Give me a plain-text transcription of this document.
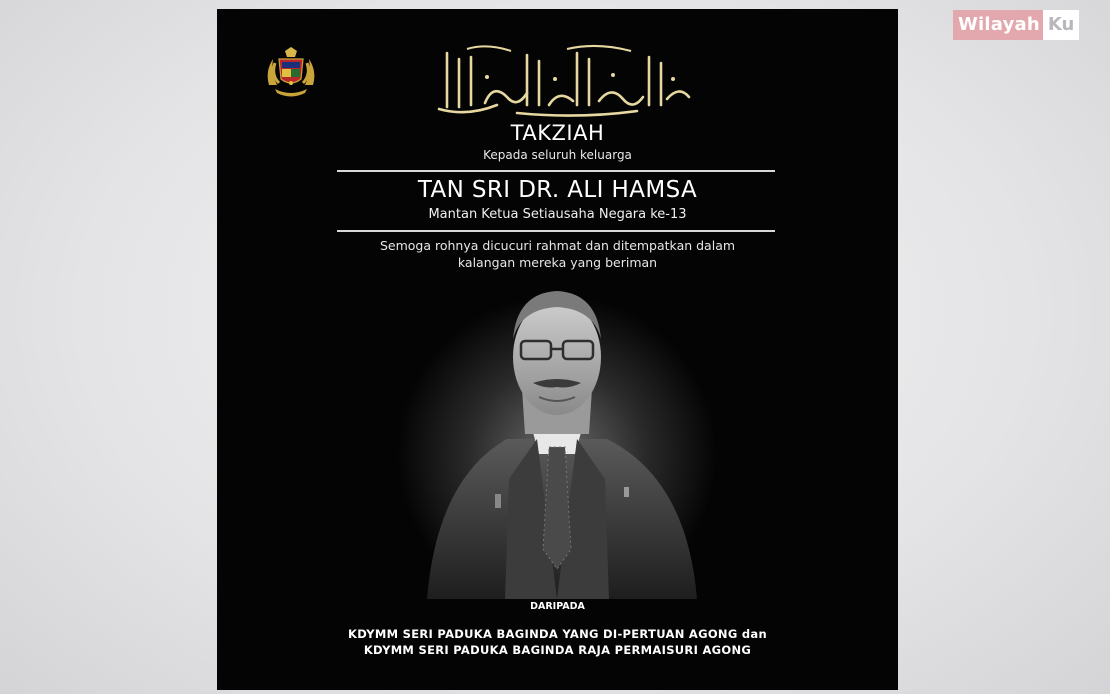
Wilayah Ku
TAKZIAH
Kepada seluruh keluarga
TAN SRI DR. ALI HAMSA
Mantan Ketua Setiausaha Negara ke-13
Semoga rohnya dicucuri rahmat dan ditempatkan dalam
kalangan mereka yang beriman
DARIPADA
KDYMM SERI PADUKA BAGINDA YANG DI-PERTUAN AGONG dan
KDYMM SERI PADUKA BAGINDA RAJA PERMAISURI AGONG
